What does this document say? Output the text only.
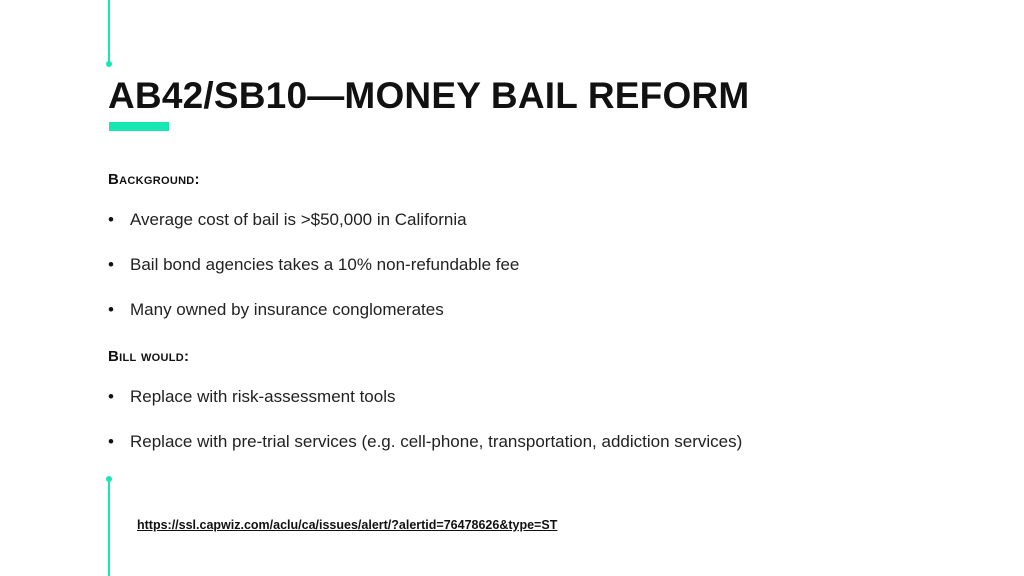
AB42/SB10—MONEY BAIL REFORM
Background:
• Average cost of bail is >$50,000 in California
• Bail bond agencies takes a 10% non-refundable fee
• Many owned by insurance conglomerates
Bill would:
• Replace with risk-assessment tools
• Replace with pre-trial services (e.g. cell-phone, transportation, addiction services)
https://ssl.capwiz.com/aclu/ca/issues/alert/?alertid=76478626&type=ST
